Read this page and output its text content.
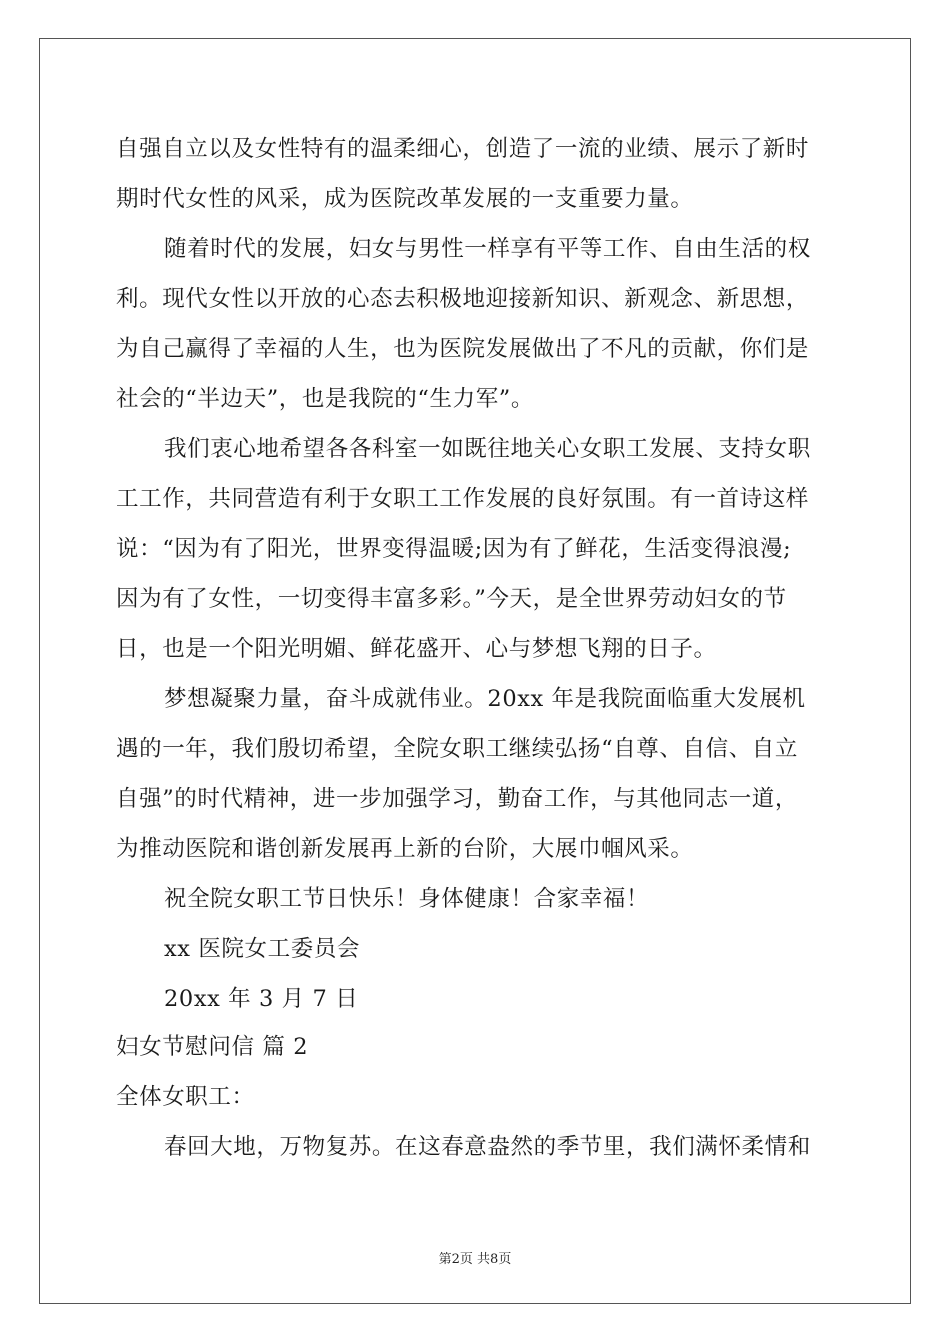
自强自立以及女性特有的温柔细心，创造了一流的业绩、展示了新时
期时代女性的风采，成为医院改革发展的一支重要力量。
随着时代的发展，妇女与男性一样享有平等工作、自由生活的权
利。现代女性以开放的心态去积极地迎接新知识、新观念、新思想，
为自己赢得了幸福的人生，也为医院发展做出了不凡的贡献，你们是
社会的“半边天”，也是我院的“生力军”。
我们衷心地希望各各科室一如既往地关心女职工发展、支持女职
工工作，共同营造有利于女职工工作发展的良好氛围。有一首诗这样
说：“因为有了阳光，世界变得温暖;因为有了鲜花，生活变得浪漫;
因为有了女性，一切变得丰富多彩。”今天，是全世界劳动妇女的节
日，也是一个阳光明媚、鲜花盛开、心与梦想飞翔的日子。
梦想凝聚力量，奋斗成就伟业。20xx 年是我院面临重大发展机
遇的一年，我们殷切希望，全院女职工继续弘扬“自尊、自信、自立
自强”的时代精神，进一步加强学习，勤奋工作，与其他同志一道，
为推动医院和谐创新发展再上新的台阶，大展巾帼风采。
祝全院女职工节日快乐！身体健康！合家幸福！
xx 医院女工委员会
20xx 年 3 月 7 日
妇女节慰问信 篇 2
全体女职工：
春回大地，万物复苏。在这春意盎然的季节里，我们满怀柔情和
第2页 共8页
